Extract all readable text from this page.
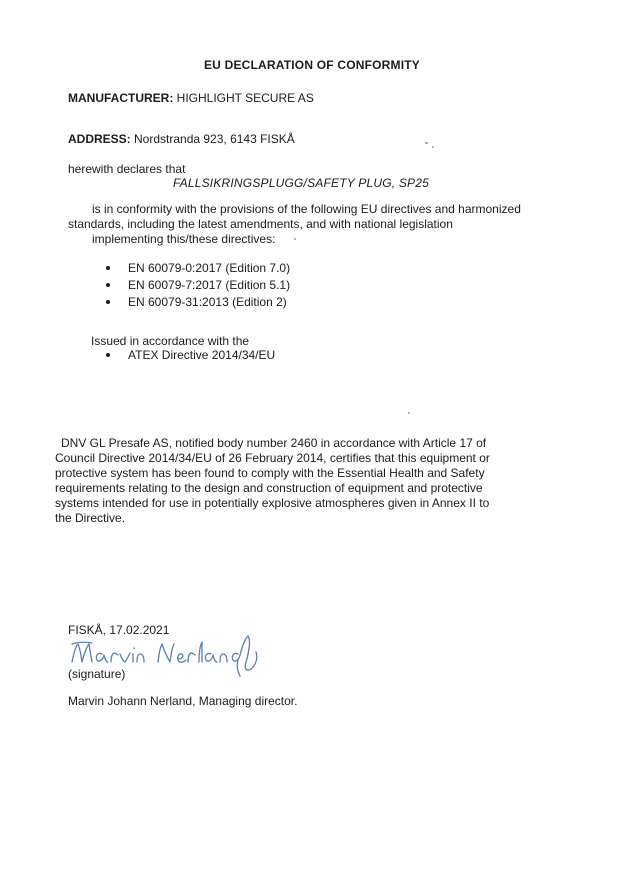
EU DECLARATION OF CONFORMITY
MANUFACTURER: HIGHLIGHT SECURE AS
ADDRESS: Nordstranda 923, 6143 FISKÅ
herewith declares that
FALLSIKRINGSPLUGG/SAFETY PLUG, SP25
is in conformity with the provisions of the following EU directives and harmonized
standards, including the latest amendments, and with national legislation
implementing this/these directives:
EN 60079-0:2017 (Edition 7.0)
EN 60079-7:2017 (Edition 5.1)
EN 60079-31:2013 (Edition 2)
Issued in accordance with the
ATEX Directive 2014/34/EU
DNV GL Presafe AS, notified body number 2460 in accordance with Article 17 of
Council Directive 2014/34/EU of 26 February 2014, certifies that this equipment or
protective system has been found to comply with the Essential Health and Safety
requirements relating to the design and construction of equipment and protective
systems intended for use in potentially explosive atmospheres given in Annex II to
the Directive.
FISKÅ, 17.02.2021
(signature)
Marvin Johann Nerland, Managing director.
